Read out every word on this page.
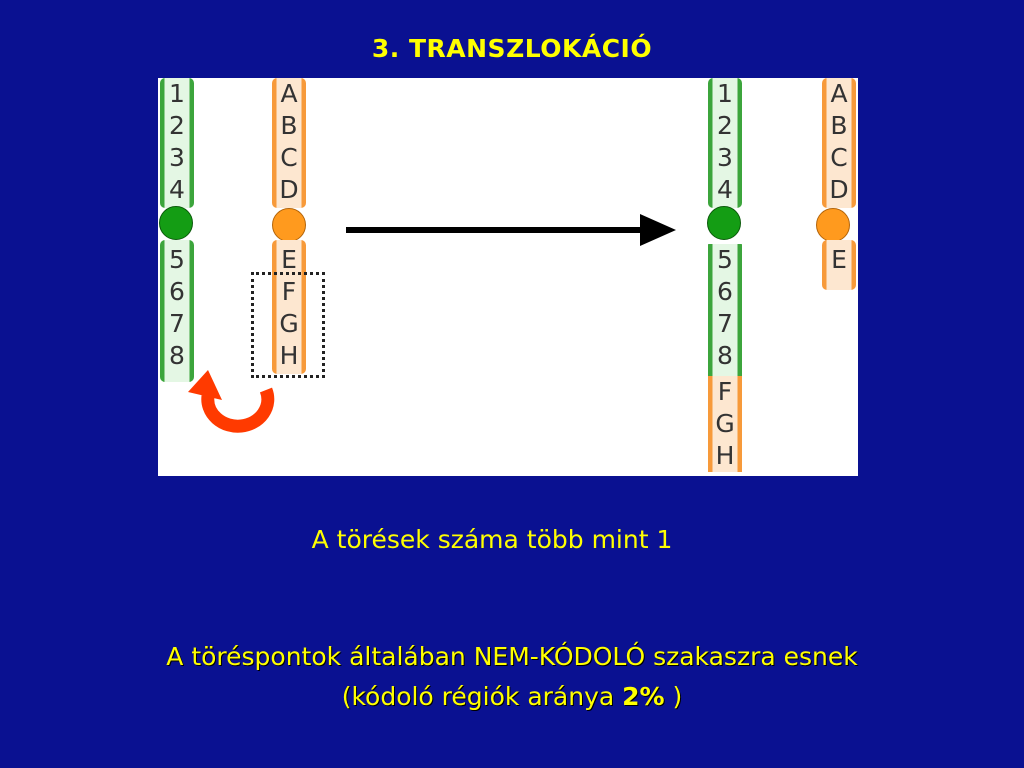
3. TRANSZLOKÁCIÓ
1
2
3
4
5
6
7
8
A
B
C
D
E
F
G
H
1
2
3
4
5
6
7
8
F
G
H
A
B
C
D
E
A törések száma több mint 1
A töréspontok általában NEM-KÓDOLÓ szakaszra esnek
(kódoló régiók aránya 2% )
